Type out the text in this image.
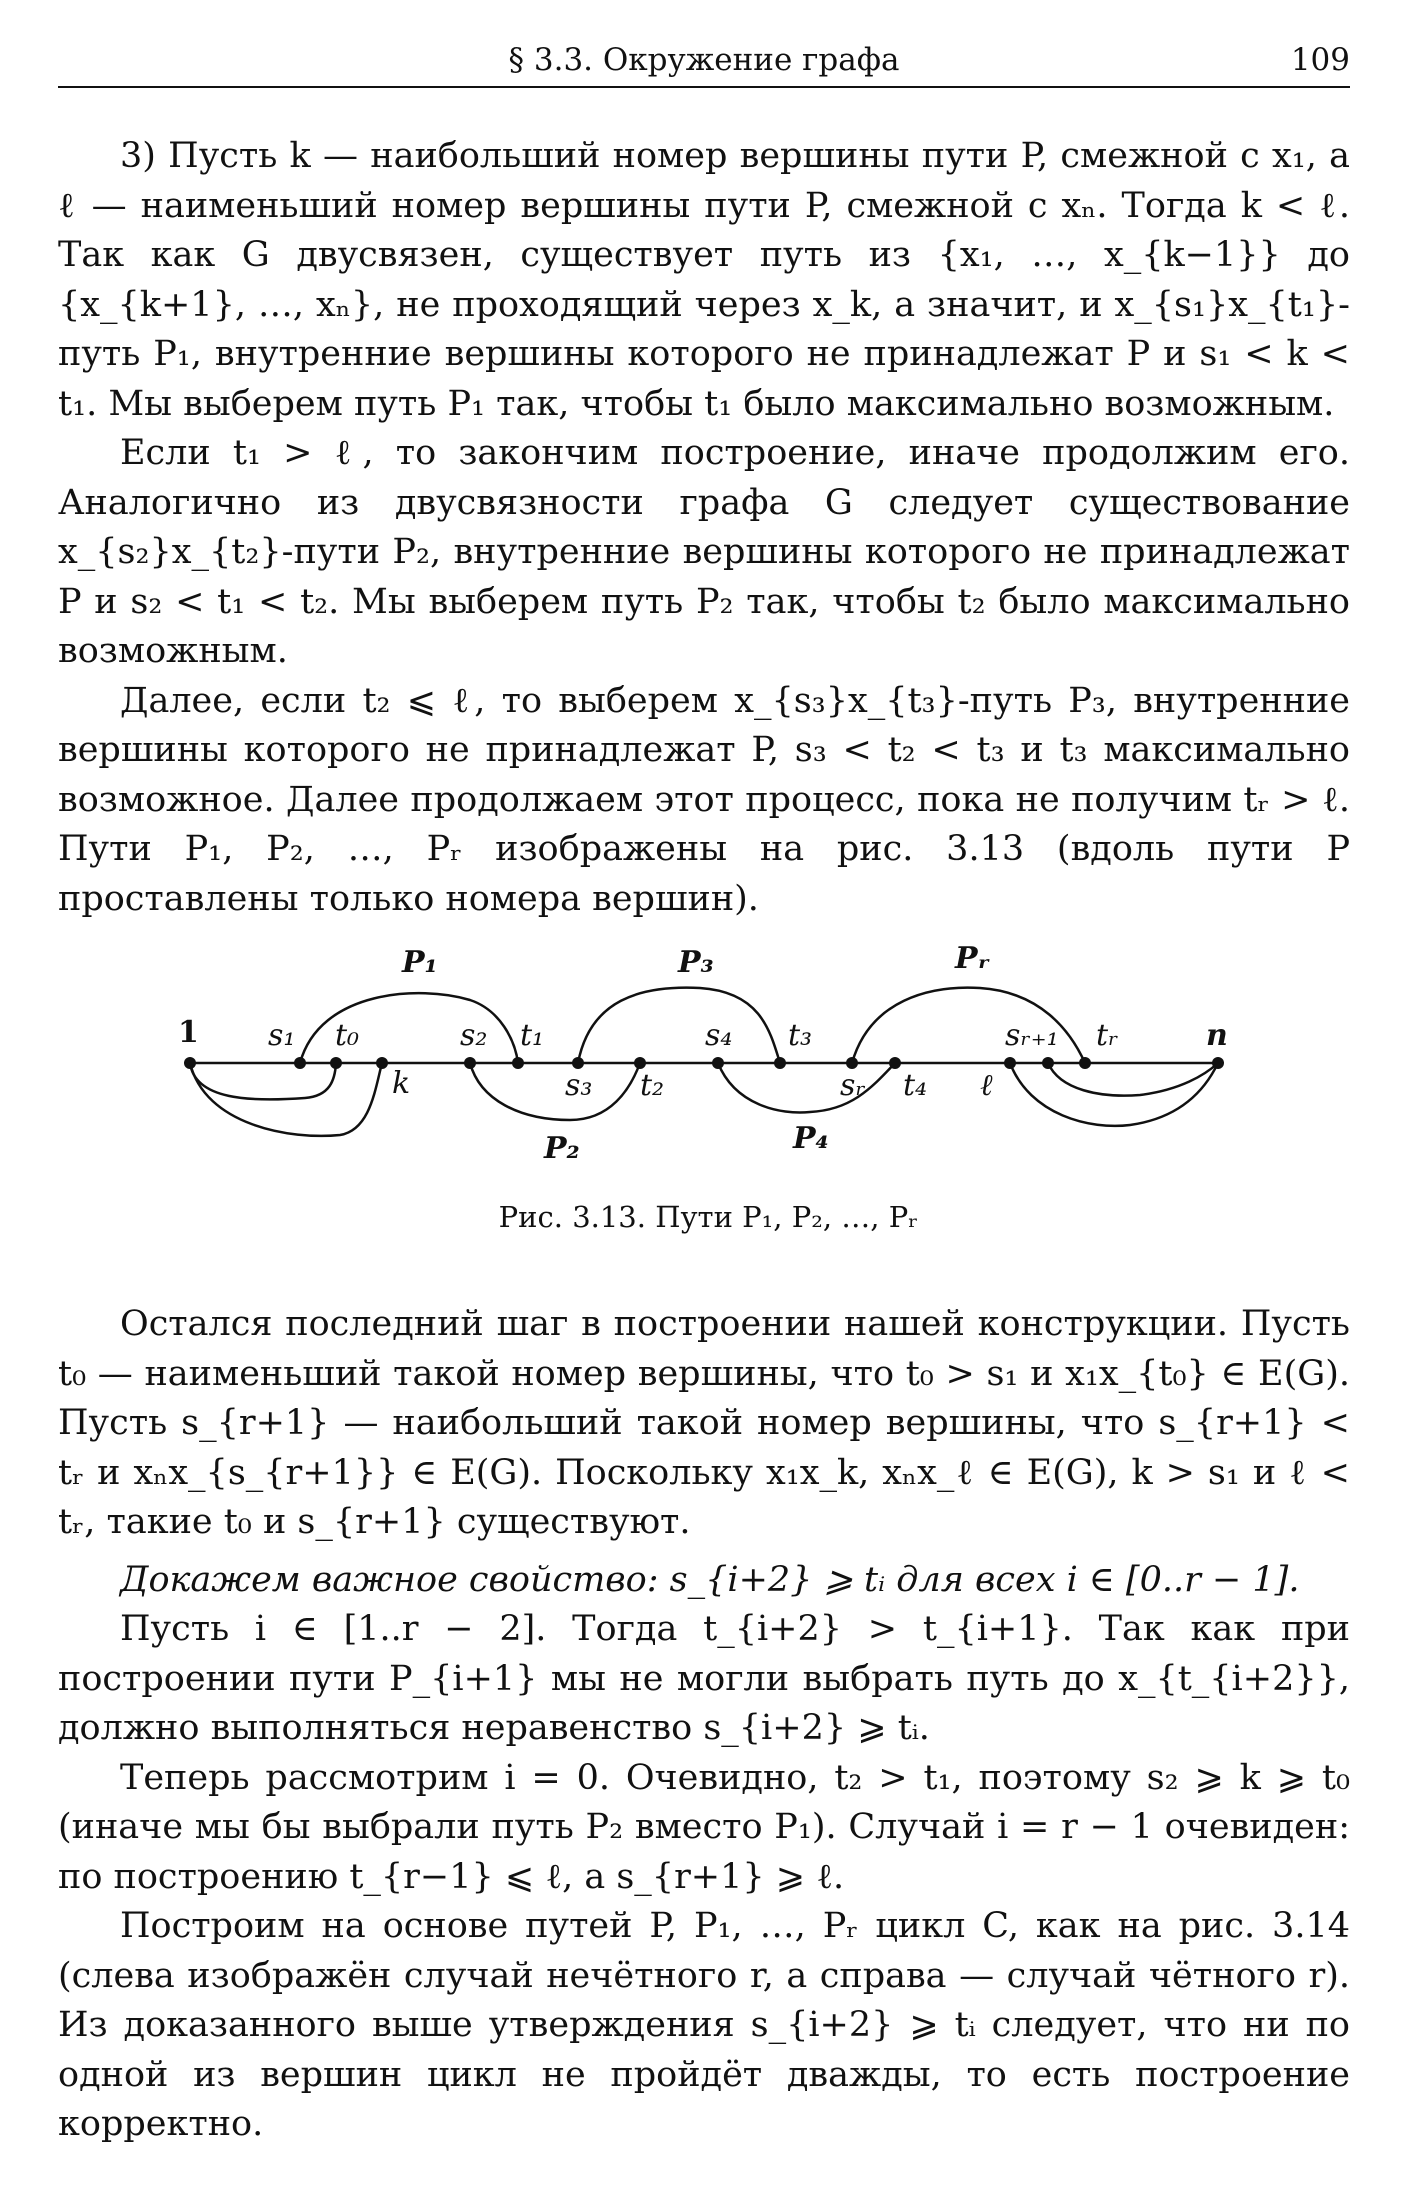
§ 3.3. Окружение графа	109

3) Пусть k — наибольший номер вершины пути P, смежной с x₁, а ℓ — наименьший номер вершины пути P, смежной с xₙ. Тогда k < ℓ. Так как G двусвязен, существует путь из {x₁, …, x_{k−1}} до {x_{k+1}, …, xₙ}, не проходящий через x_k, а значит, и x_{s₁}x_{t₁}-путь P₁, внутренние вершины которого не принадлежат P и s₁ < k < t₁. Мы выберем путь P₁ так, чтобы t₁ было максимально возможным.

Если t₁ > ℓ, то закончим построение, иначе продолжим его. Аналогично из двусвязности графа G следует существование x_{s₂}x_{t₂}-пути P₂, внутренние вершины которого не принадлежат P и s₂ < t₁ < t₂. Мы выберем путь P₂ так, чтобы t₂ было максимально возможным.

Далее, если t₂ ⩽ ℓ, то выберем x_{s₃}x_{t₃}-путь P₃, внутренние вершины которого не принадлежат P, s₃ < t₂ < t₃ и t₃ максимально возможное. Далее продолжаем этот процесс, пока не получим tᵣ > ℓ. Пути P₁, P₂, …, Pᵣ изображены на рис. 3.13 (вдоль пути P проставлены только номера вершин).

1 s₁ t₀
k
s₂ t₁
s₃ t₂
s₄ t₃
sᵣ t₄ ℓ
sᵣ₊₁ tᵣ	n
P₁	P₃	Pᵣ
P₂	P₄
Рис. 3.13. Пути P₁, P₂, …, Pᵣ

Остался последний шаг в построении нашей конструкции. Пусть t₀ — наименьший такой номер вершины, что t₀ > s₁ и x₁x_{t₀} ∈ E(G). Пусть s_{r+1} — наибольший такой номер вершины, что s_{r+1} < tᵣ и xₙx_{s_{r+1}} ∈ E(G). Поскольку x₁x_k, xₙx_ℓ ∈ E(G), k > s₁ и ℓ < tᵣ, такие t₀ и s_{r+1} существуют.

Докажем важное свойство: s_{i+2} ⩾ tᵢ для всех i ∈ [0..r − 1].

Пусть i ∈ [1..r − 2]. Тогда t_{i+2} > t_{i+1}. Так как при построении пути P_{i+1} мы не могли выбрать путь до x_{t_{i+2}}, должно выполняться неравенство s_{i+2} ⩾ tᵢ.

Теперь рассмотрим i = 0. Очевидно, t₂ > t₁, поэтому s₂ ⩾ k ⩾ t₀ (иначе мы бы выбрали путь P₂ вместо P₁). Случай i = r − 1 очевиден: по построению t_{r−1} ⩽ ℓ, а s_{r+1} ⩾ ℓ.

Построим на основе путей P, P₁, …, Pᵣ цикл C, как на рис. 3.14 (слева изображён случай нечётного r, а справа — случай чётного r). Из доказанного выше утверждения s_{i+2} ⩾ tᵢ следует, что ни по одной из вершин цикл не пройдёт дважды, то есть построение корректно.
